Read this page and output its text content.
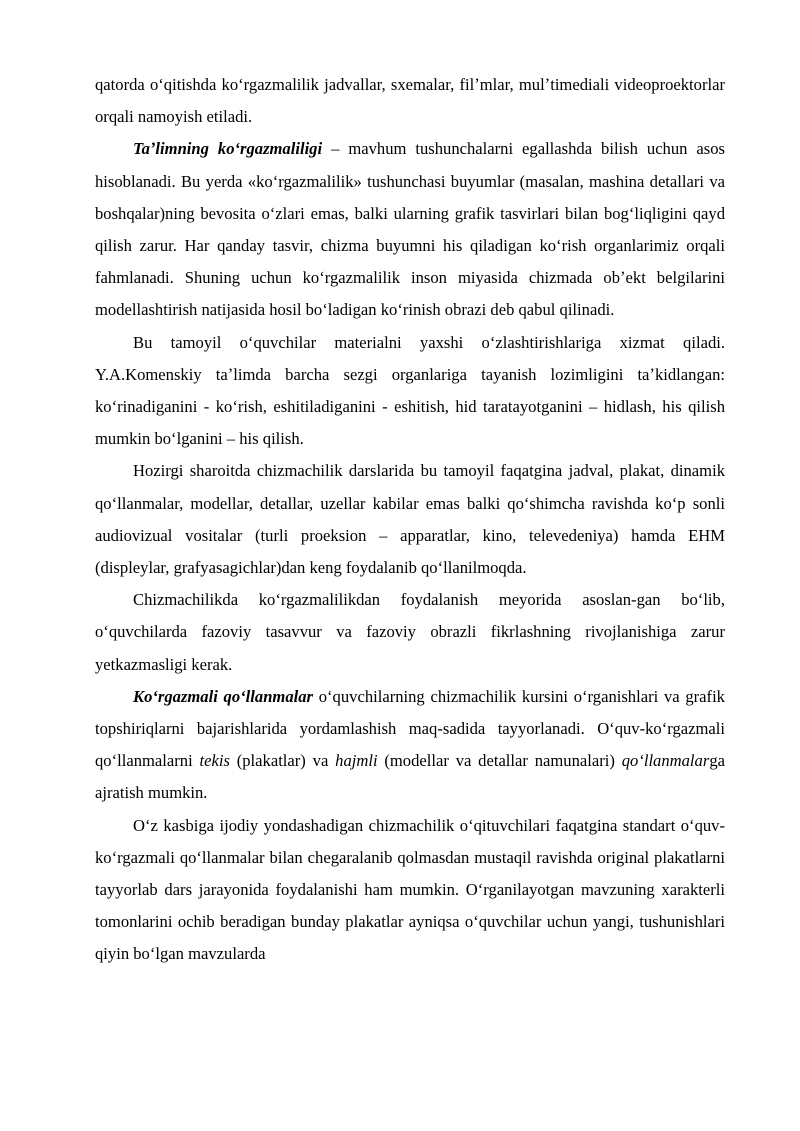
qatorda oʻqitishda koʻrgazmalilik jadvallar, sxemalar, filʼmlar, mulʼtimediali videoproektorlar orqali namoyish etiladi.

Taʼlimning koʻrgazmaliligi – mavhum tushunchalarni egallashda bilish uchun asos hisoblanadi. Bu yerda «koʻrgazmalilik» tushunchasi buyumlar (masalan, mashina detallari va boshqalar)ning bevosita oʻzlari emas, balki ularning grafik tasvirlari bilan bogʻliqligini qayd qilish zarur. Har qanday tasvir, chizma buyumni his qiladigan koʻrish organlarimiz orqali fahmlanadi. Shuning uchun koʻrgazmalilik inson miyasida chizmada obʼekt belgilarini modellashtirish natijasida hosil boʻladigan koʻrinish obrazi deb qabul qilinadi.

Bu tamoyil oʻquvchilar materialni yaxshi oʻzlashtirishlariga xizmat qiladi. Y.A.Komenskiy taʼlimda barcha sezgi organlariga tayanish lozimligini taʼkidlangan: koʻrinadiganini - koʻrish, eshitiladiganini - eshitish, hid taratayotganini – hidlash, his qilish mumkin boʻlganini – his qilish.

Hozirgi sharoitda chizmachilik darslarida bu tamoyil faqatgina jadval, plakat, dinamik qoʻllanmalar, modellar, detallar, uzellar kabilar emas balki qoʻshimcha ravishda koʻp sonli audiovizual vositalar (turli proeksion – apparatlar, kino, televedeniya) hamda EHM (displeylar, grafyasagichlar)dan keng foydalanib qoʻllanilmoqda.

Chizmachilikda koʻrgazmalilikdan foydalanish meyorida asoslan-gan boʻlib, oʻquvchilarda fazoviy tasavvur va fazoviy obrazli fikrlashning rivojlanishiga zarur yetkazmasligi kerak.

Koʻrgazmali qoʻllanmalar oʻquvchilarning chizmachilik kursini oʻrganishlari va grafik topshiriqlarni bajarishlarida yordamlashish maq-sadida tayyorlanadi. Oʻquv-koʻrgazmali qoʻllanmalarni tekis (plakatlar) va hajmli (modellar va detallar namunalari) qoʻllanmalarga ajratish mumkin.

Oʻz kasbiga ijodiy yondashadigan chizmachilik oʻqituvchilari faqatgina standart oʻquv-koʻrgazmali qoʻllanmalar bilan chegaralanib qolmasdan mustaqil ravishda original plakatlarni tayyorlab dars jarayonida foydalanishi ham mumkin. Oʻrganilayotgan mavzuning xarakterli tomonlarini ochib beradigan bunday plakatlar ayniqsa oʻquvchilar uchun yangi, tushunishlari qiyin boʻlgan mavzularda
